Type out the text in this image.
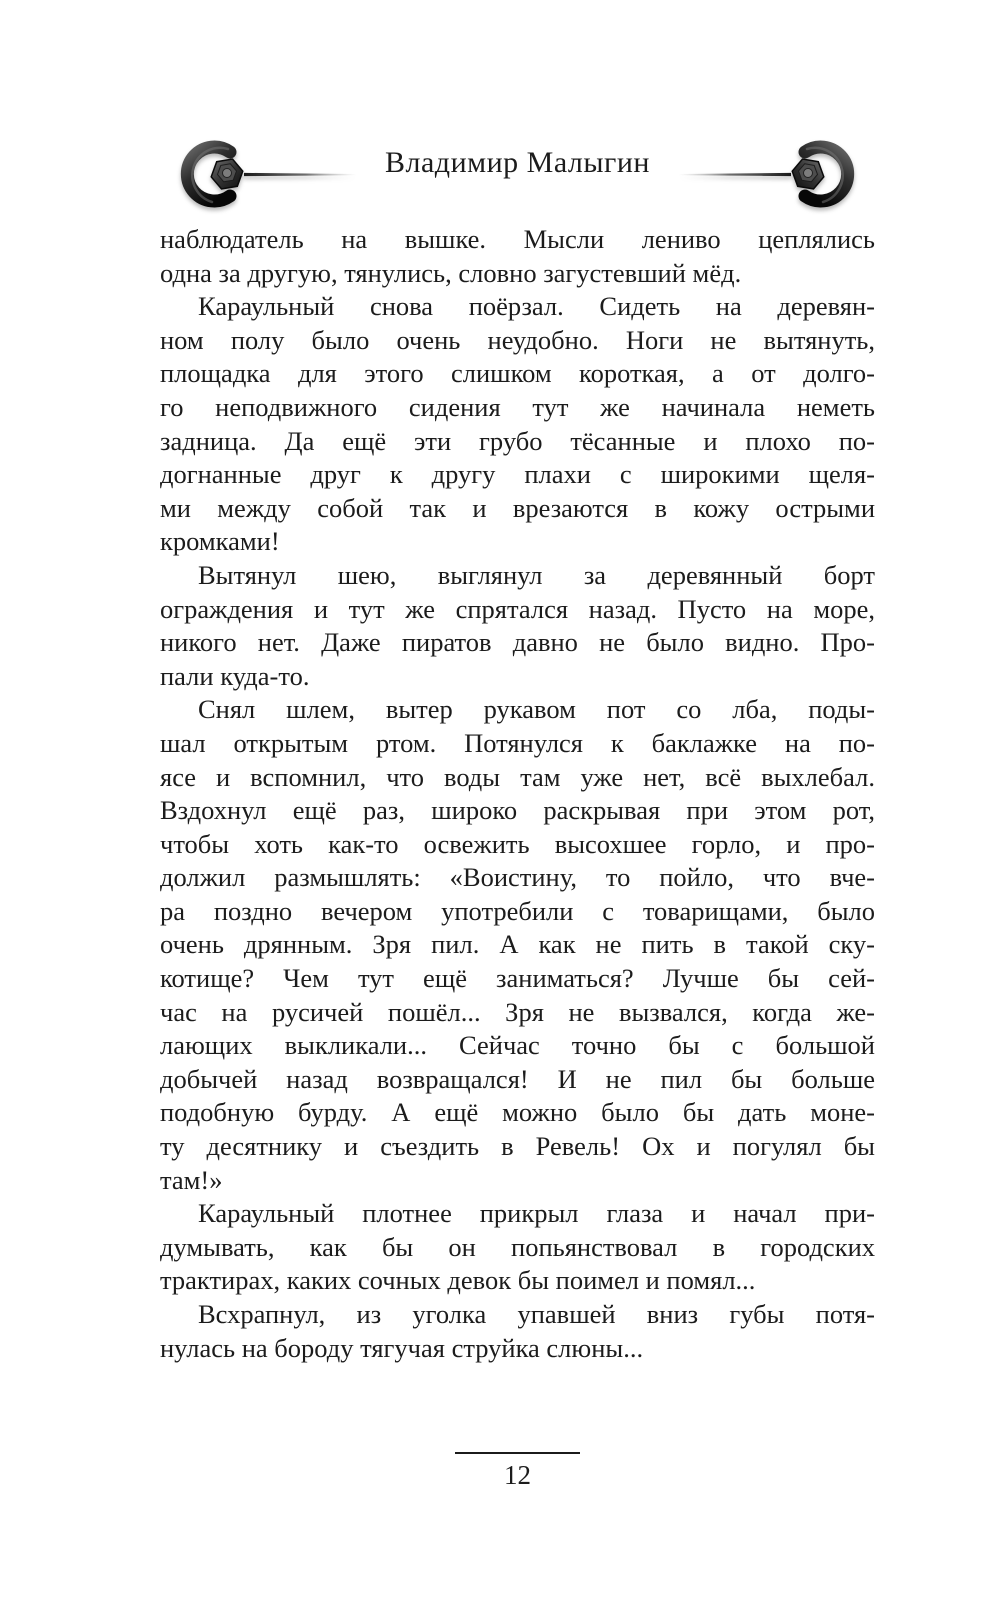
Владимир Малыгин
наблюдатель на вышке. Мысли лениво цеплялись
одна за другую, тянулись, словно загустевший мёд.
Караульный снова поёрзал. Сидеть на деревян-
ном полу было очень неудобно. Ноги не вытянуть,
площадка для этого слишком короткая, а от долго-
го неподвижного сидения тут же начинала неметь
задница. Да ещё эти грубо тёсанные и плохо по-
догнанные друг к другу плахи с широкими щеля-
ми между собой так и врезаются в кожу острыми
кромками!
Вытянул шею, выглянул за деревянный борт
ограждения и тут же спрятался назад. Пусто на море,
никого нет. Даже пиратов давно не было видно. Про-
пали куда-то.
Снял шлем, вытер рукавом пот со лба, поды-
шал открытым ртом. Потянулся к баклажке на по-
ясе и вспомнил, что воды там уже нет, всё выхлебал.
Вздохнул ещё раз, широко раскрывая при этом рот,
чтобы хоть как-то освежить высохшее горло, и про-
должил размышлять: «Воистину, то пойло, что вче-
ра поздно вечером употребили с товарищами, было
очень дрянным. Зря пил. А как не пить в такой ску-
котище? Чем тут ещё заниматься? Лучше бы сей-
час на русичей пошёл... Зря не вызвался, когда же-
лающих выкликали... Сейчас точно бы с большой
добычей назад возвращался! И не пил бы больше
подобную бурду. А ещё можно было бы дать моне-
ту десятнику и съездить в Ревель! Ох и погулял бы
там!»
Караульный плотнее прикрыл глаза и начал при-
думывать, как бы он попьянствовал в городских
трактирах, каких сочных девок бы поимел и помял...
Всхрапнул, из уголка упавшей вниз губы потя-
нулась на бороду тягучая струйка слюны...
12
